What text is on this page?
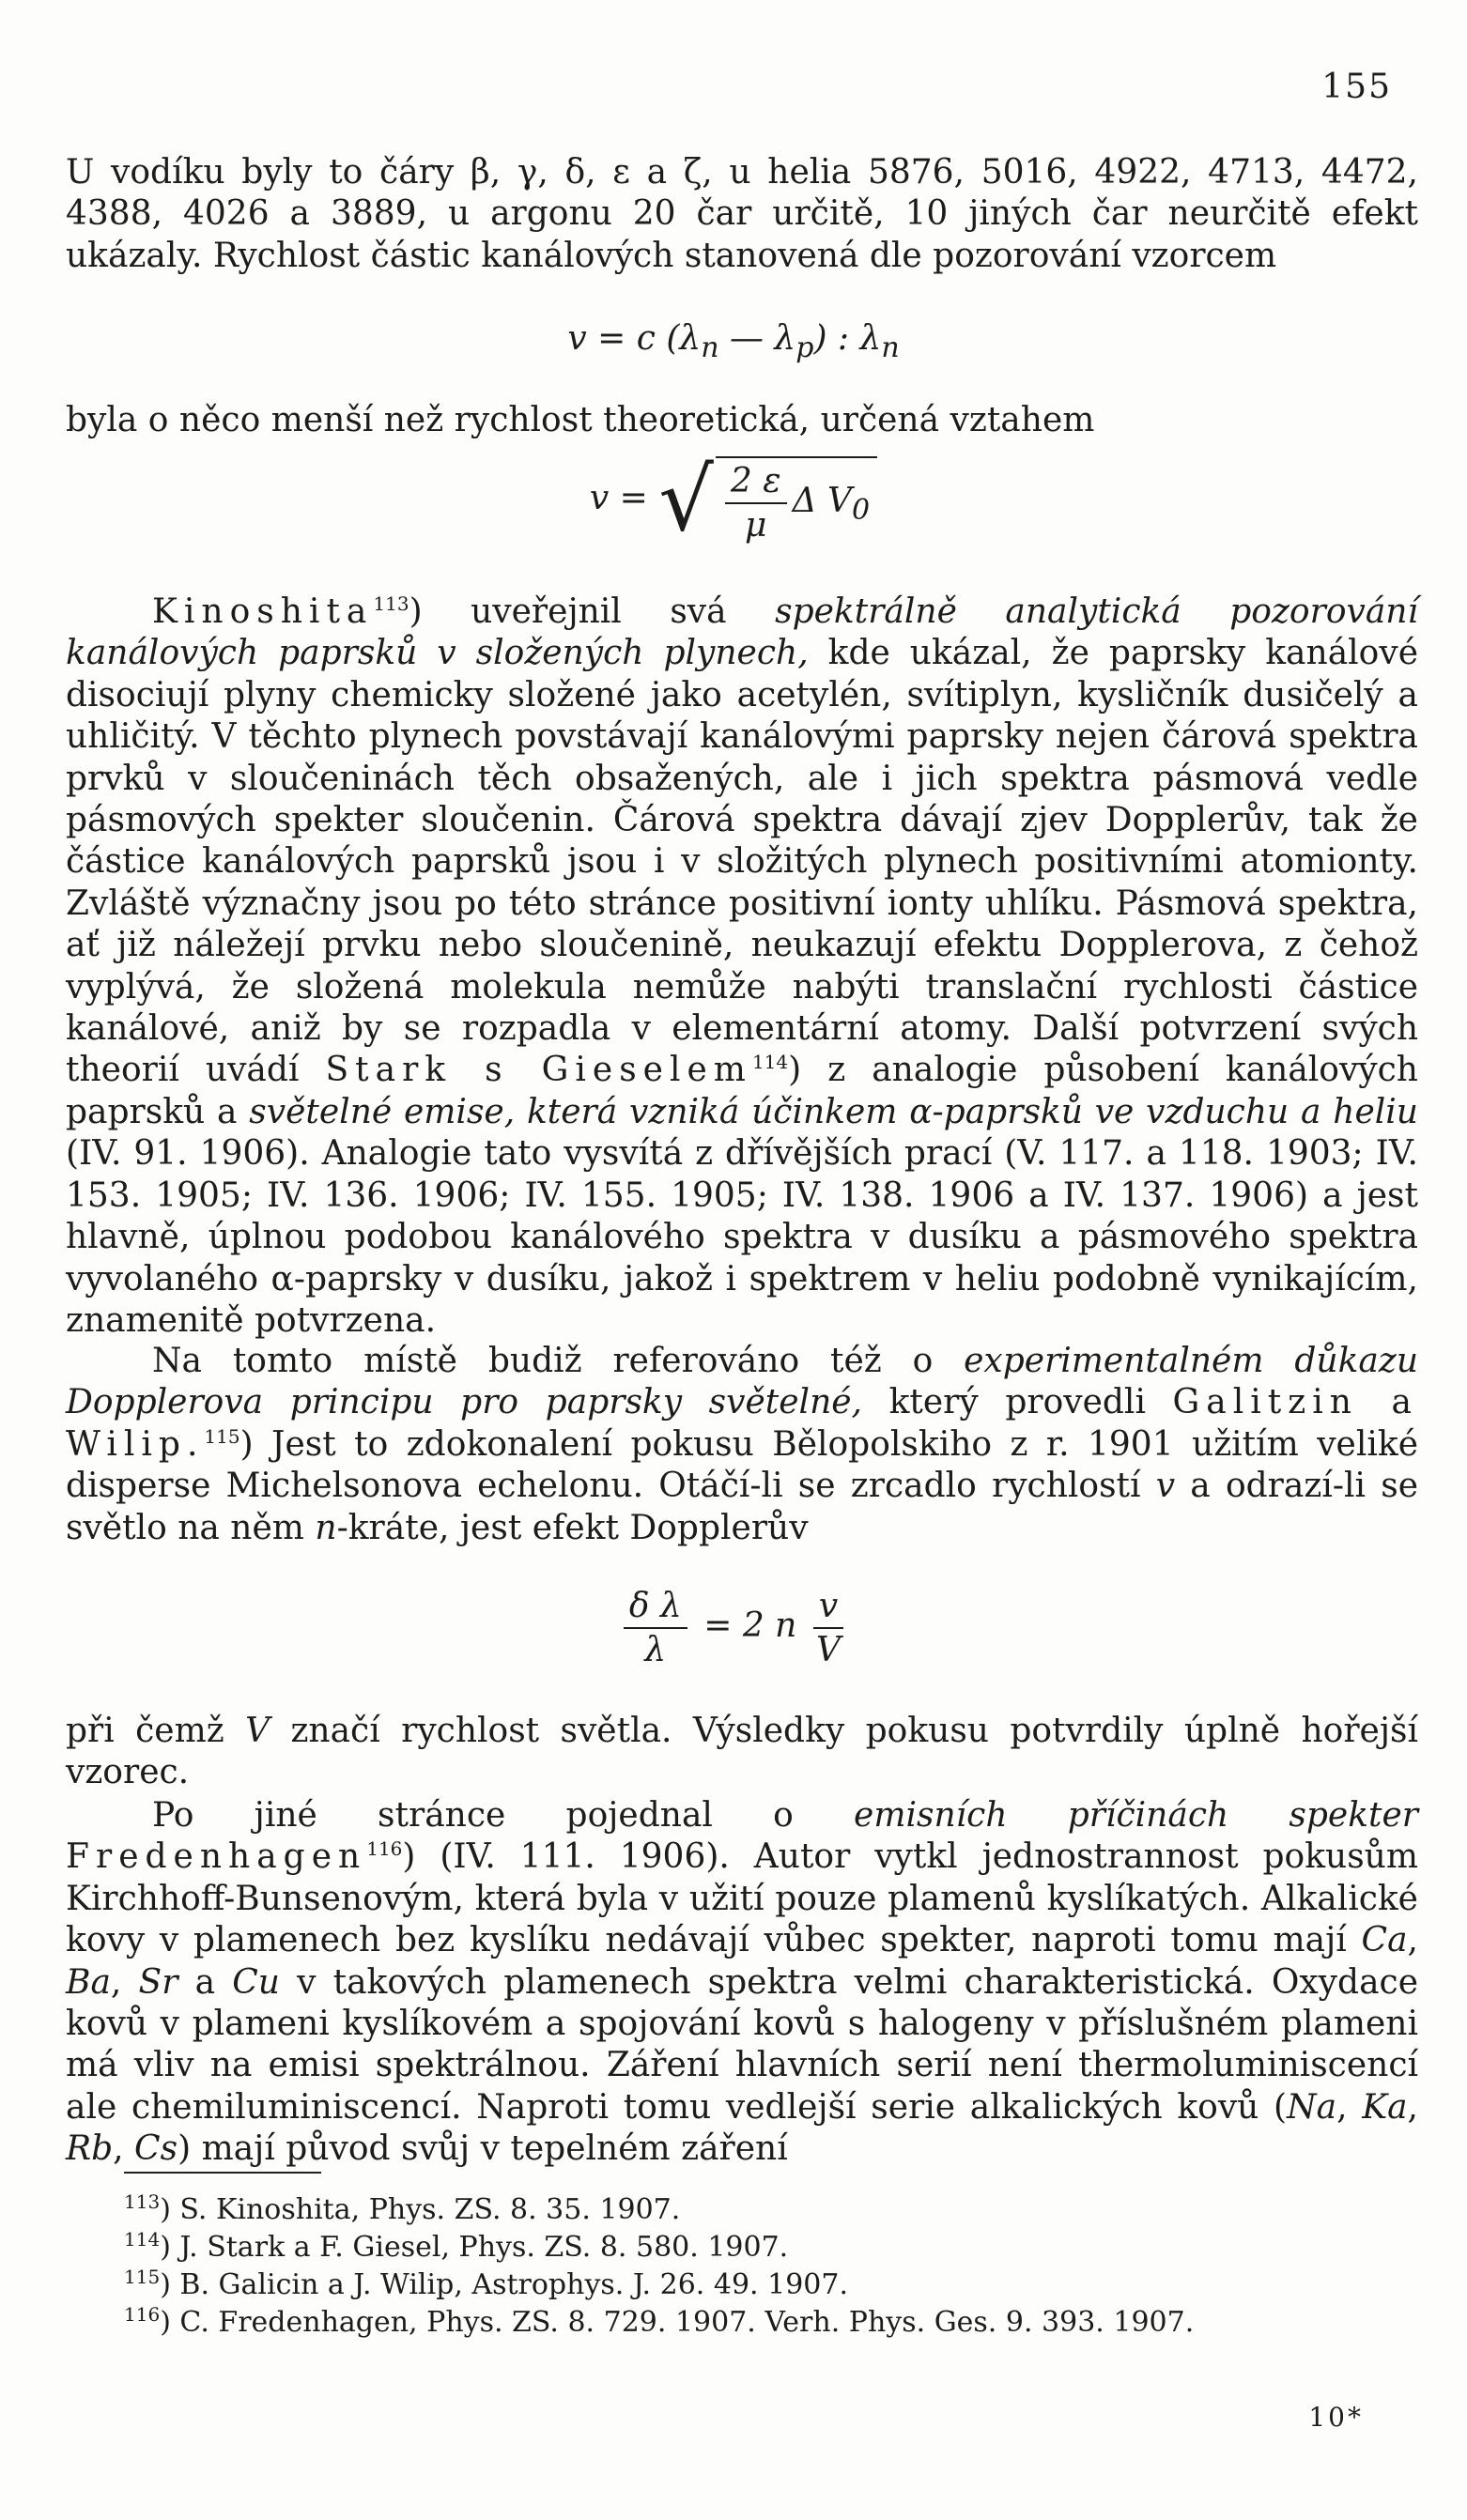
155

U vodíku byly to čáry β, γ, δ, ε a ζ, u helia 5876, 5016, 4922, 4713, 4472, 4388, 4026 a 3889, u argonu 20 čar určitě, 10 jiných čar neurčitě efekt ukázaly. Rychlost částic kanálových stanovená dle pozorování vzorcem

v = c ($\lambda_n$ — $\lambda_p$) : $\lambda_n$

byla o něco menší než rychlost theoretická, určená vztahem

v = √ $\frac{2 \varepsilon}{\mu}$ Δ $V_0$

Kinoshita$^{113}$) uveřejnil svá spektrálně analytická pozorování kanálových paprsků v složených plynech, kde ukázal, že paprsky kanálové disociují plyny chemicky složené jako acetylén, svítiplyn, kysličník dusičelý a uhličitý. V těchto plynech povstávají kanálovými paprsky nejen čárová spektra prvků v sloučeninách těch obsažených, ale i jich spektra pásmová vedle pásmových spekter sloučenin. Čárová spektra dávají zjev Dopplerův, tak že částice kanálových paprsků jsou i v složitých plynech positivními atomionty. Zvláště význačny jsou po této stránce positivní ionty uhlíku. Pásmová spektra, ať již náležejí prvku nebo sloučenině, neukazují efektu Dopplerova, z čehož vyplývá, že složená molekula nemůže nabýti translační rychlosti částice kanálové, aniž by se rozpadla v elementární atomy. Další potvrzení svých theorií uvádí Stark s Gieselem$^{114}$) z analogie působení kanálových paprsků a světelné emise, která vzniká účinkem α-paprsků ve vzduchu a heliu (IV. 91. 1906). Analogie tato vysvítá z dřívějších prací (V. 117. a 118. 1903; IV. 153. 1905; IV. 136. 1906; IV. 155. 1905; IV. 138. 1906 a IV. 137. 1906) a jest hlavně, úplnou podobou kanálového spektra v dusíku a pásmového spektra vyvolaného α-paprsky v dusíku, jakož i spektrem v heliu podobně vynikajícím, znamenitě potvrzena.

Na tomto místě budiž referováno též o experimentalném důkazu Dopplerova principu pro paprsky světelné, který provedli Galitzin a Wilip.$^{115}$) Jest to zdokonalení pokusu Bělopolskiho z r. 1901 užitím veliké disperse Michelsonova echelonu. Otáčí-li se zrcadlo rychlostí v a odrazí-li se světlo na něm n-kráte, jest efekt Dopplerův

$\frac{\text{δ λ}}{\lambda} = 2$ n $\frac{v}{V}$

při čemž V značí rychlost světla. Výsledky pokusu potvrdily úplně hořejší vzorec.

Po jiné stránce pojednal o emisních příčinách spekter Fredenhagen$^{116}$) (IV. 111. 1906). Autor vytkl jednostrannost pokusům Kirchhoff-Bunsenovým, která byla v užití pouze plamenů kyslíkatých. Alkalické kovy v plamenech bez kyslíku nedávají vůbec spekter, naproti tomu mají Ca, Ba, Sr a Cu v takových plamenech spektra velmi charakteristická. Oxydace kovů v plameni kyslíkovém a spojování kovů s halogeny v příslušném plameni má vliv na emisi spektrálnou. Záření hlavních serií není thermoluminiscencí ale chemiluminiscencí. Naproti tomu vedlejší serie alkalických kovů (Na, Ka, Rb, Cs) mají původ svůj v tepelném záření

$^{113}$) S. Kinoshita, Phys. ZS. 8. 35. 1907.

$^{114}$) J. Stark a F. Giesel, Phys. ZS. 8. 580. 1907.

$^{115}$) B. Galicin a J. Wilip, Astrophys. J. 26. 49. 1907.

$^{116}$) C. Fredenhagen, Phys. ZS. 8. 729. 1907. Verh. Phys. Ges. 9. 393. 1907.

10*
